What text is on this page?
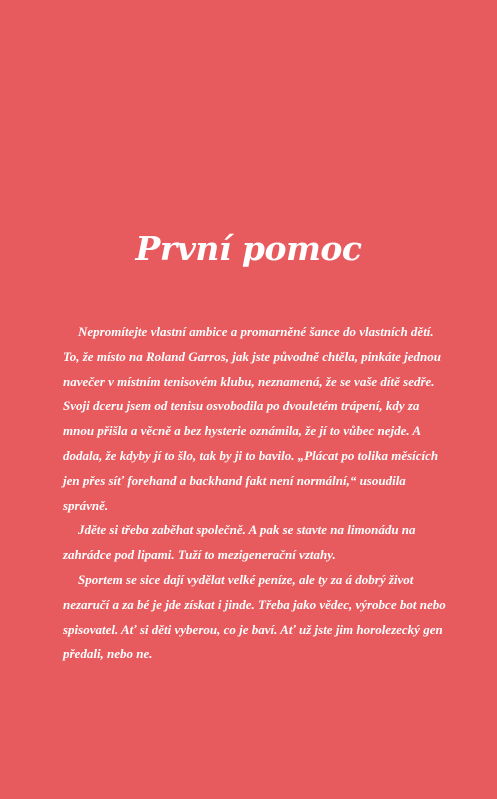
První pomoc

Nepromítejte vlastní ambice a promarněné šance do vlastních dětí. To, že místo na Roland Garros, jak jste původně chtěla, pinkáte jednou navečer v místním tenisovém klubu, neznamená, že se vaše dítě sedře. Svoji dceru jsem od tenisu osvobodila po dvouletém trápení, kdy za mnou přišla a věcně a bez hysterie oznámila, že jí to vůbec nejde. A dodala, že kdyby jí to šlo, tak by ji to bavilo. „Plácat po tolika měsících jen přes síť forehand a backhand fakt není normální,“ usoudila správně.

Jděte si třeba zaběhat společně. A pak se stavte na limonádu na zahrádce pod lipami. Tuží to mezigenerační vztahy.

Sportem se sice dají vydělat velké peníze, ale ty za á dobrý život nezaručí a za bé je jde získat i jinde. Třeba jako vědec, výrobce bot nebo spisovatel. Ať si děti vyberou, co je baví. Ať už jste jim horolezecký gen předali, nebo ne.
